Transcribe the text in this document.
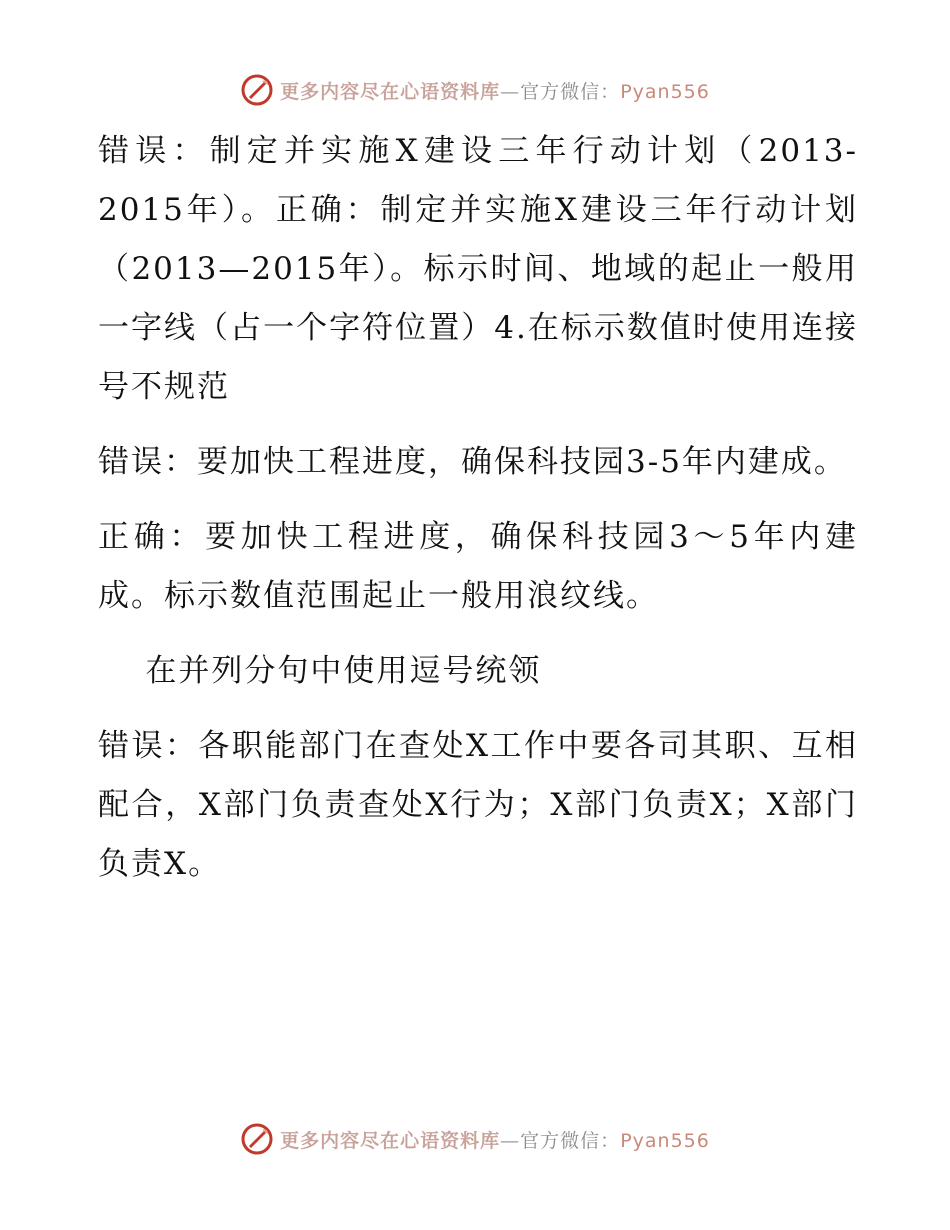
更多内容尽在心语资料库—官方微信：Pyan556

错误：制定并实施X建设三年行动计划（2013-2015年）。正确：制定并实施X建设三年行动计划（2013—2015年）。标示时间、地域的起止一般用一字线（占一个字符位置）4.在标示数值时使用连接号不规范

错误：要加快工程进度，确保科技园3-5年内建成。

正确：要加快工程进度，确保科技园3～5年内建成。标示数值范围起止一般用浪纹线。

在并列分句中使用逗号统领

错误：各职能部门在查处X工作中要各司其职、互相配合，X部门负责查处X行为；X部门负责X；X部门负责X。

更多内容尽在心语资料库—官方微信：Pyan556
